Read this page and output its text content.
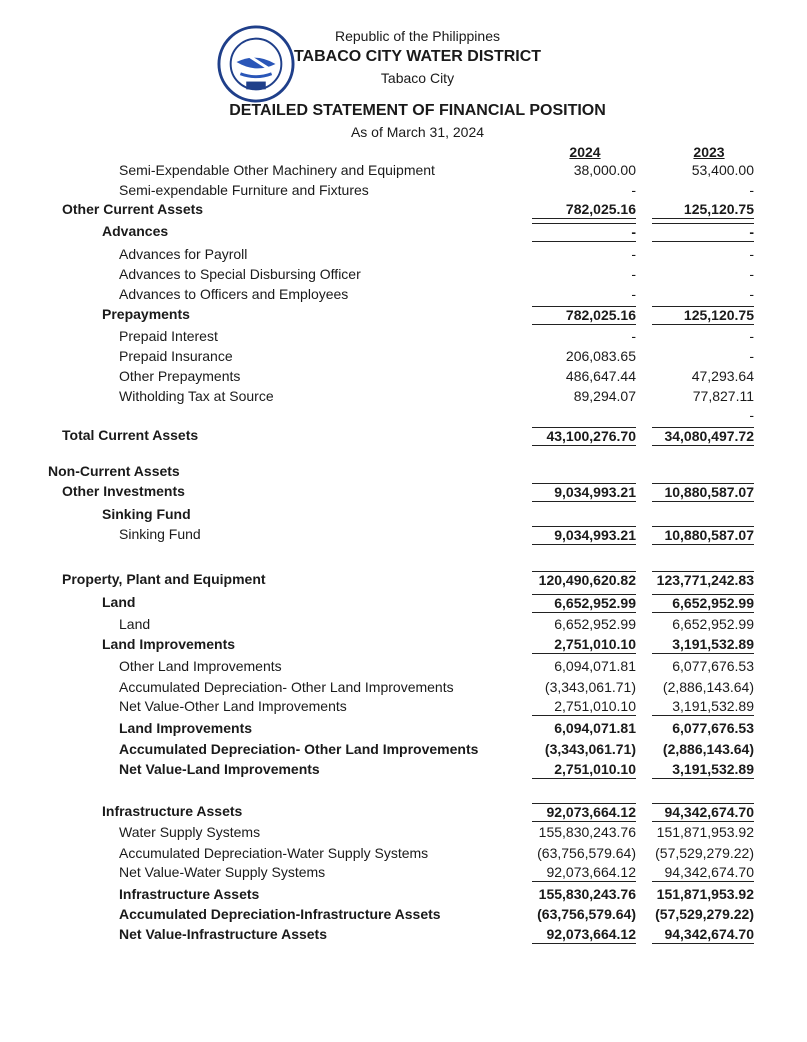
Republic of the Philippines
TABACO CITY WATER DISTRICT
Tabaco City
DETAILED STATEMENT OF FINANCIAL POSITION
As of March 31, 2024
2024	2023
Semi-Expendable Other Machinery and Equipment	38,000.00	53,400.00
Semi-expendable Furniture and Fixtures	-	-
Other Current Assets	782,025.16	125,120.75
Advances	-	-
Advances for Payroll	-	-
Advances to Special Disbursing Officer	-	-
Advances to Officers and Employees	-	-
Prepayments	782,025.16	125,120.75
Prepaid Interest	-	-
Prepaid Insurance	206,083.65	-
Other Prepayments	486,647.44	47,293.64
Witholding Tax at Source	89,294.07	77,827.11
-
Total Current Assets	43,100,276.70	34,080,497.72
Non-Current Assets
Other Investments	9,034,993.21	10,880,587.07
Sinking Fund
Sinking Fund	9,034,993.21	10,880,587.07
Property, Plant and Equipment	120,490,620.82	123,771,242.83
Land	6,652,952.99	6,652,952.99
Land	6,652,952.99	6,652,952.99
Land Improvements	2,751,010.10	3,191,532.89
Other Land Improvements	6,094,071.81	6,077,676.53
Accumulated Depreciation- Other Land Improvements	(3,343,061.71)	(2,886,143.64)
Net Value-Other Land Improvements	2,751,010.10	3,191,532.89
Land Improvements	6,094,071.81	6,077,676.53
Accumulated Depreciation- Other Land Improvements	(3,343,061.71)	(2,886,143.64)
Net Value-Land Improvements	2,751,010.10	3,191,532.89
Infrastructure Assets	92,073,664.12	94,342,674.70
Water Supply Systems	155,830,243.76	151,871,953.92
Accumulated Depreciation-Water Supply Systems	(63,756,579.64) (57,529,279.22)
Net Value-Water Supply Systems	92,073,664.12	94,342,674.70
Infrastructure Assets	155,830,243.76	151,871,953.92
Accumulated Depreciation-Infrastructure Assets	(63,756,579.64) (57,529,279.22)
Net Value-Infrastructure Assets	92,073,664.12	94,342,674.70
